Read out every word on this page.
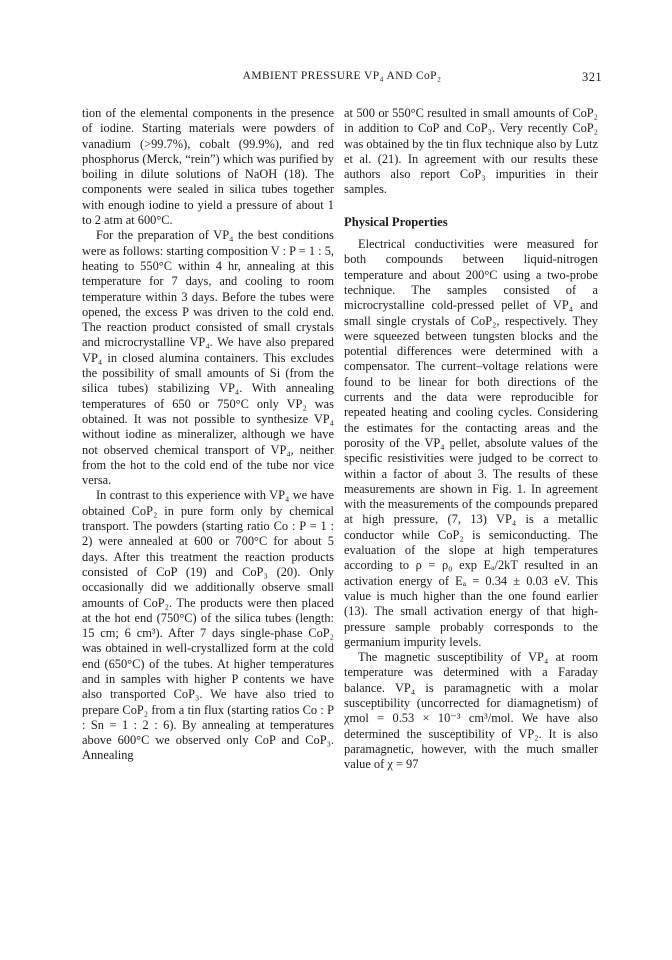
AMBIENT PRESSURE VP₄ AND CoP₂	321

tion of the elemental components in the presence of iodine. Starting materials were powders of vanadium (>99.7%), cobalt (99.9%), and red phosphorus (Merck, “rein”) which was purified by boiling in dilute solutions of NaOH (18). The components were sealed in silica tubes together with enough iodine to yield a pressure of about 1 to 2 atm at 600°C.

For the preparation of VP₄ the best conditions were as follows: starting composition V : P = 1 : 5, heating to 550°C within 4 hr, annealing at this temperature for 7 days, and cooling to room temperature within 3 days. Before the tubes were opened, the excess P was driven to the cold end. The reaction product consisted of small crystals and microcrystalline VP₄. We have also prepared VP₄ in closed alumina containers. This excludes the possibility of small amounts of Si (from the silica tubes) stabilizing VP₄. With annealing temperatures of 650 or 750°C only VP₂ was obtained. It was not possible to synthesize VP₄ without iodine as mineralizer, although we have not observed chemical transport of VP₄, neither from the hot to the cold end of the tube nor vice versa.

In contrast to this experience with VP₄ we have obtained CoP₂ in pure form only by chemical transport. The powders (starting ratio Co : P = 1 : 2) were annealed at 600 or 700°C for about 5 days. After this treatment the reaction products consisted of CoP (19) and CoP₃ (20). Only occasionally did we additionally observe small amounts of CoP₂. The products were then placed at the hot end (750°C) of the silica tubes (length: 15 cm; 6 cm³). After 7 days single-phase CoP₂ was obtained in well-crystallized form at the cold end (650°C) of the tubes. At higher temperatures and in samples with higher P contents we have also transported CoP₃. We have also tried to prepare CoP₂ from a tin flux (starting ratios Co : P : Sn = 1 : 2 : 6). By annealing at temperatures above 600°C we observed only CoP and CoP₃. Annealing

at 500 or 550°C resulted in small amounts of CoP₂ in addition to CoP and CoP₃. Very recently CoP₂ was obtained by the tin flux technique also by Lutz et al. (21). In agreement with our results these authors also report CoP₃ impurities in their samples.

Physical Properties

Electrical conductivities were measured for both compounds between liquid-nitrogen temperature and about 200°C using a two-probe technique. The samples consisted of a microcrystalline cold-pressed pellet of VP₄ and small single crystals of CoP₂, respectively. They were squeezed between tungsten blocks and the potential differences were determined with a compensator. The current–voltage relations were found to be linear for both directions of the currents and the data were reproducible for repeated heating and cooling cycles. Considering the estimates for the contacting areas and the porosity of the VP₄ pellet, absolute values of the specific resistivities were judged to be correct to within a factor of about 3. The results of these measurements are shown in Fig. 1. In agreement with the measurements of the compounds prepared at high pressure, (7, 13) VP₄ is a metallic conductor while CoP₂ is semiconducting. The evaluation of the slope at high temperatures according to ρ = ρ₀ exp Eₐ/2kT resulted in an activation energy of Eₐ = 0.34 ± 0.03 eV. This value is much higher than the one found earlier (13). The small activation energy of that high-pressure sample probably corresponds to the germanium impurity levels.

The magnetic susceptibility of VP₄ at room temperature was determined with a Faraday balance. VP₄ is paramagnetic with a molar susceptibility (uncorrected for diamagnetism) of χmol = 0.53 × 10⁻³ cm³/mol. We have also determined the susceptibility of VP₂. It is also paramagnetic, however, with the much smaller value of χ = 97
